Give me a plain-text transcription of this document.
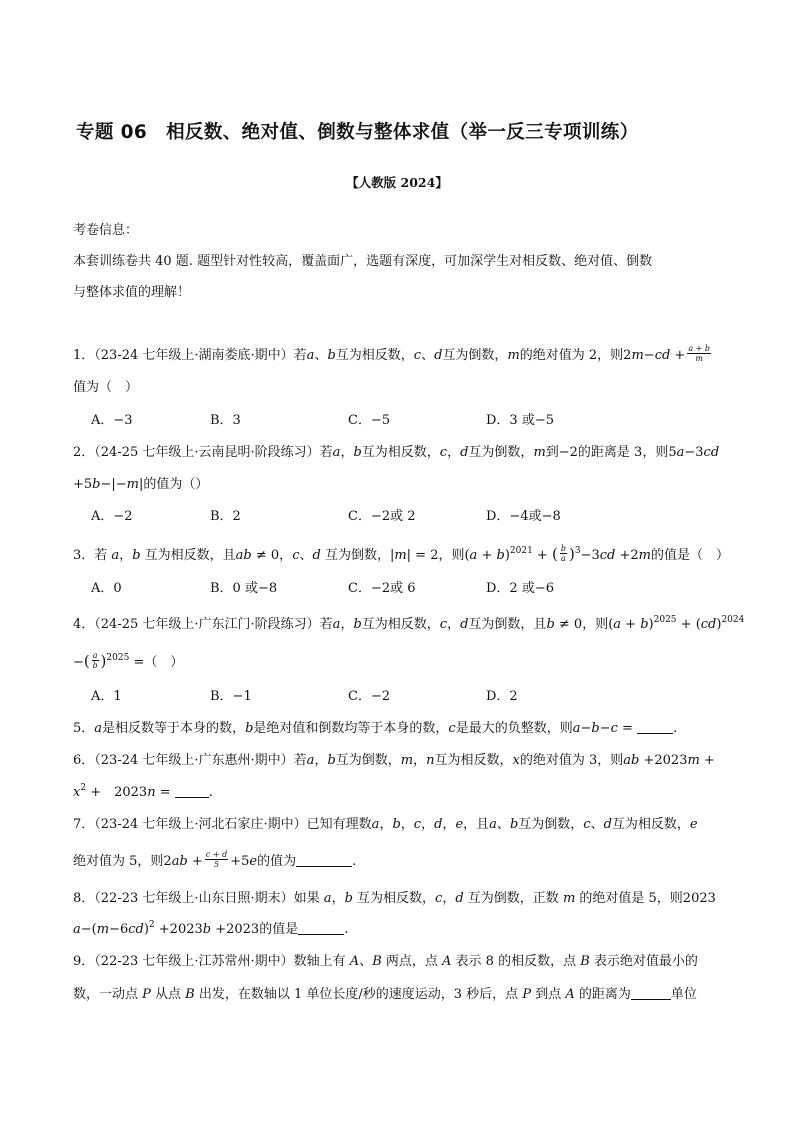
专题 06　相反数、绝对值、倒数与整体求值（举一反三专项训练）
【人教版 2024】
考卷信息：
本套训练卷共 40 题. 题型针对性较高，覆盖面广，选题有深度，可加深学生对相反数、绝对值、倒数
与整体求值的理解！
1．（23-24 七年级上·湖南娄底·期中）若a、b互为相反数，c、d互为倒数，m的绝对值为 2，则$2m-cd + \frac{a + b}{m}$
值为（　）
A．−3	B．3	C．−5	D．3 或−5
2．（24-25 七年级上·云南昆明·阶段练习）若a，b互为相反数，c，d互为倒数，m到−2的距离是 3，则5a−3cd
+5b−|−m|的值为（）
A．−2	B．2	C．−2或 2	D．−4或−8
3．若 a，b 互为相反数，且ab ≠ 0，c、d 互为倒数，|m| = 2，则$(a + b)^{2021}$ + ( $\frac{b}{a} )^3-3cd +2m$的值是（　）
A．0	B．0 或−8	C．−2或 6	D．2 或−6
4．（24-25 七年级上·广东江门·阶段练习）若a，b互为相反数，c，d互为倒数，且b ≠ 0，则$(a + b)^{2025} + (cd)^{2024}$
−( $\frac{a}{b} )^{2025}$ =（　）
A．1	B．−1	C．−2	D．2
5．a是相反数等于本身的数，b是绝对值和倒数均等于本身的数，c是最大的负整数，则a−b−c =	.
6．（23-24 七年级上·广东惠州·期中）若a，b互为倒数，m，n互为相反数，x的绝对值为 3，则ab +2023m +
$x^2$ +　2023n =	.
7．（23-24 七年级上·河北石家庄·期中）已知有理数a，b，c，d，e，且a、b互为倒数，c、d互为相反数，e
绝对值为 5，则$2ab + \frac{c + d}{5} +5e$的值为	.
8．（22-23 七年级上·山东日照·期末）如果 a，b 互为相反数，c，d 互为倒数，正数 m 的绝对值是 5，则2023
$a-(m-6cd)^2 +2023b +2023$的值是	.
9．（22-23 七年级上·江苏常州·期中）数轴上有 A、B 两点，点 A 表示 8 的相反数，点 B 表示绝对值最小的
数，一动点 P 从点 B 出发，在数轴以 1 单位长度/秒的速度运动，3 秒后，点 P 到点 A 的距离为	单位
